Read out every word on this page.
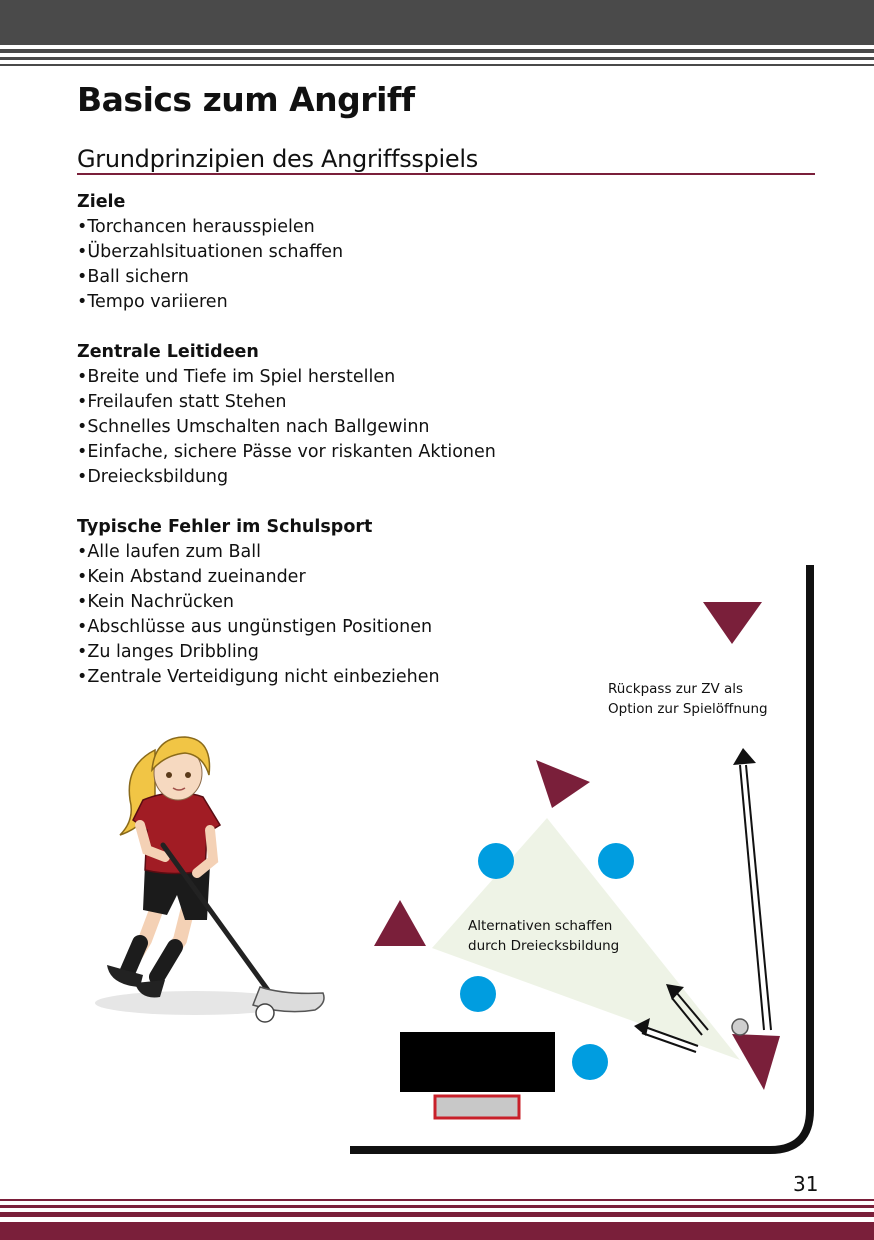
Basics zum Angriff
Grundprinzipien des Angriffsspiels
Ziele
• Torchancen herausspielen
• Überzahlsituationen schaffen
• Ball sichern
• Tempo variieren
Zentrale Leitideen
• Breite und Tiefe im Spiel herstellen
• Freilaufen statt Stehen
• Schnelles Umschalten nach Ballgewinn
• Einfache, sichere Pässe vor riskanten Aktionen
• Dreiecksbildung
Typische Fehler im Schulsport
• Alle laufen zum Ball
• Kein Abstand zueinander
• Kein Nachrücken
• Abschlüsse aus ungünstigen Positionen
• Zu langes Dribbling
• Zentrale Verteidigung nicht einbeziehen
Rückpass zur ZV als
Option zur Spielöffnung
Alternativen schaffen
durch Dreiecksbildung
31
